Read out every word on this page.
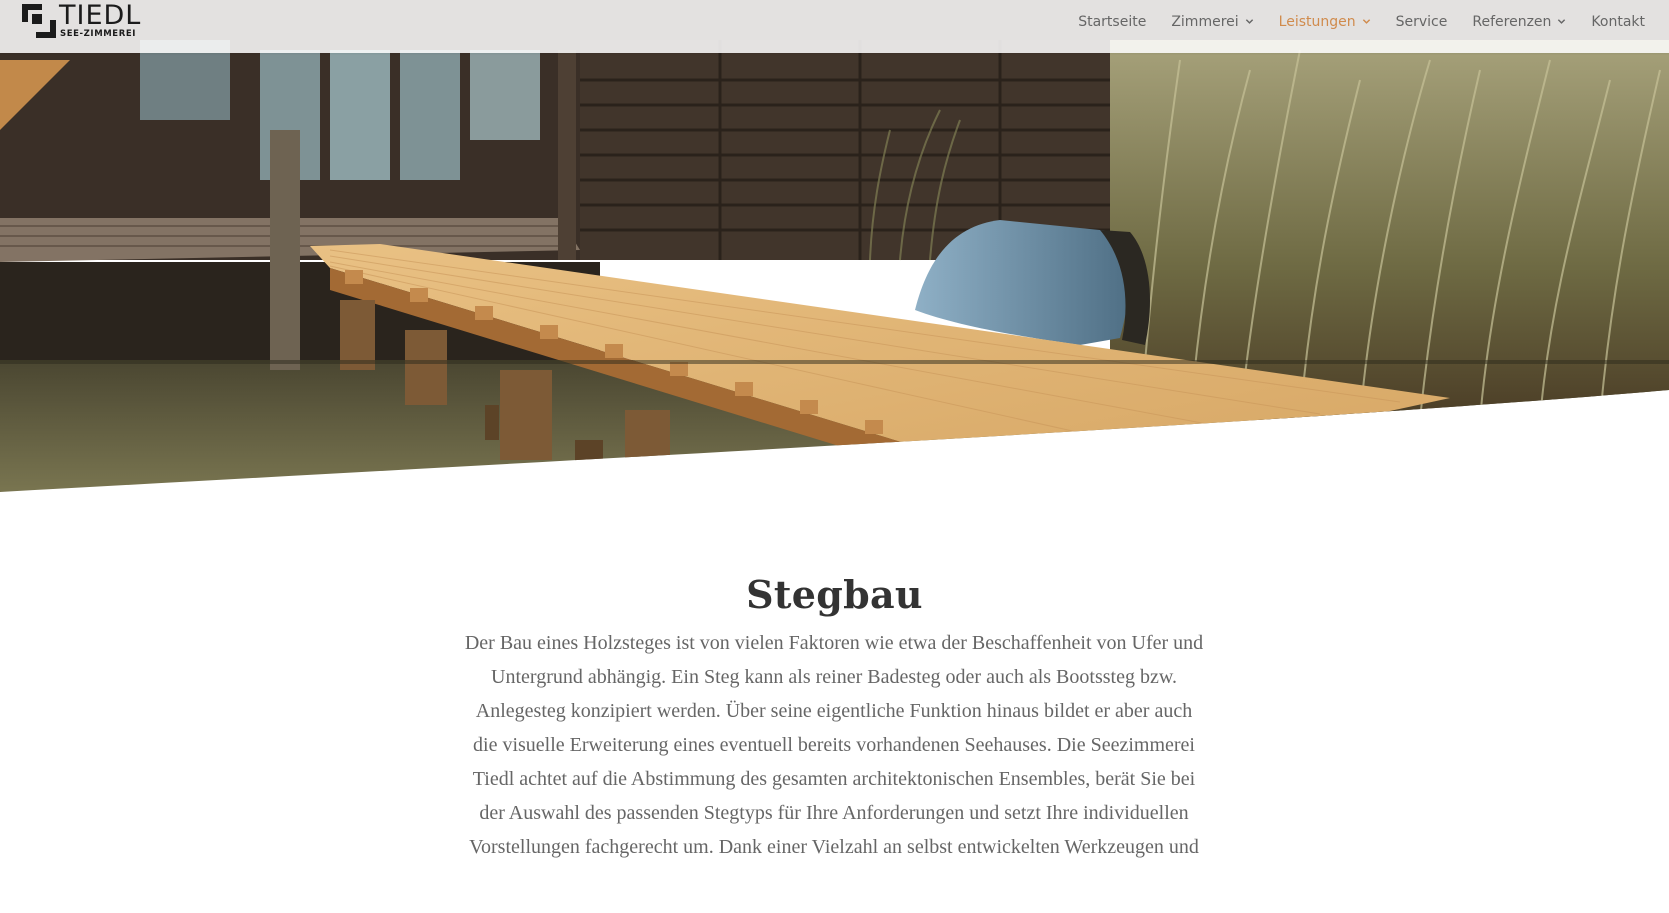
TIEDL
SEE-ZIMMEREI
Startseite Zimmerei	Leistungen	Service Referenzen	Kontakt
Stegbau

Der Bau eines Holzsteges ist von vielen Faktoren wie etwa der Beschaffenheit von Ufer und

Untergrund abhängig. Ein Steg kann als reiner Badesteg oder auch als Bootssteg bzw.

Anlegesteg konzipiert werden. Über seine eigentliche Funktion hinaus bildet er aber auch

die visuelle Erweiterung eines eventuell bereits vorhandenen Seehauses. Die Seezimmerei

Tiedl achtet auf die Abstimmung des gesamten architektonischen Ensembles, berät Sie bei

der Auswahl des passenden Stegtyps für Ihre Anforderungen und setzt Ihre individuellen

Vorstellungen fachgerecht um. Dank einer Vielzahl an selbst entwickelten Werkzeugen und
